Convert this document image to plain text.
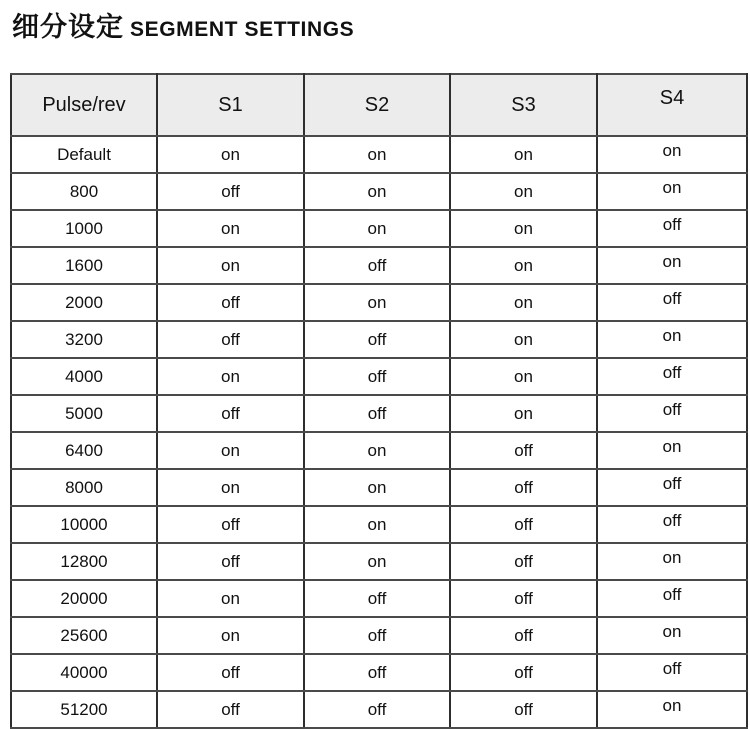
细分设定 SEGMENT SETTINGS
Pulse/rev	S1	S2	S3	S4
Default	on	on	on	on
800	off	on	on	on
1000	on	on	on	off
1600	on	off	on	on
2000	off	on	on	off
3200	off	off	on	on
4000	on	off	on	off
5000	off	off	on	off
6400	on	on	off	on
8000	on	on	off	off
10000	off	on	off	off
12800	off	on	off	on
20000	on	off	off	off
25600	on	off	off	on
40000	off	off	off	off
51200	off	off	off	on
